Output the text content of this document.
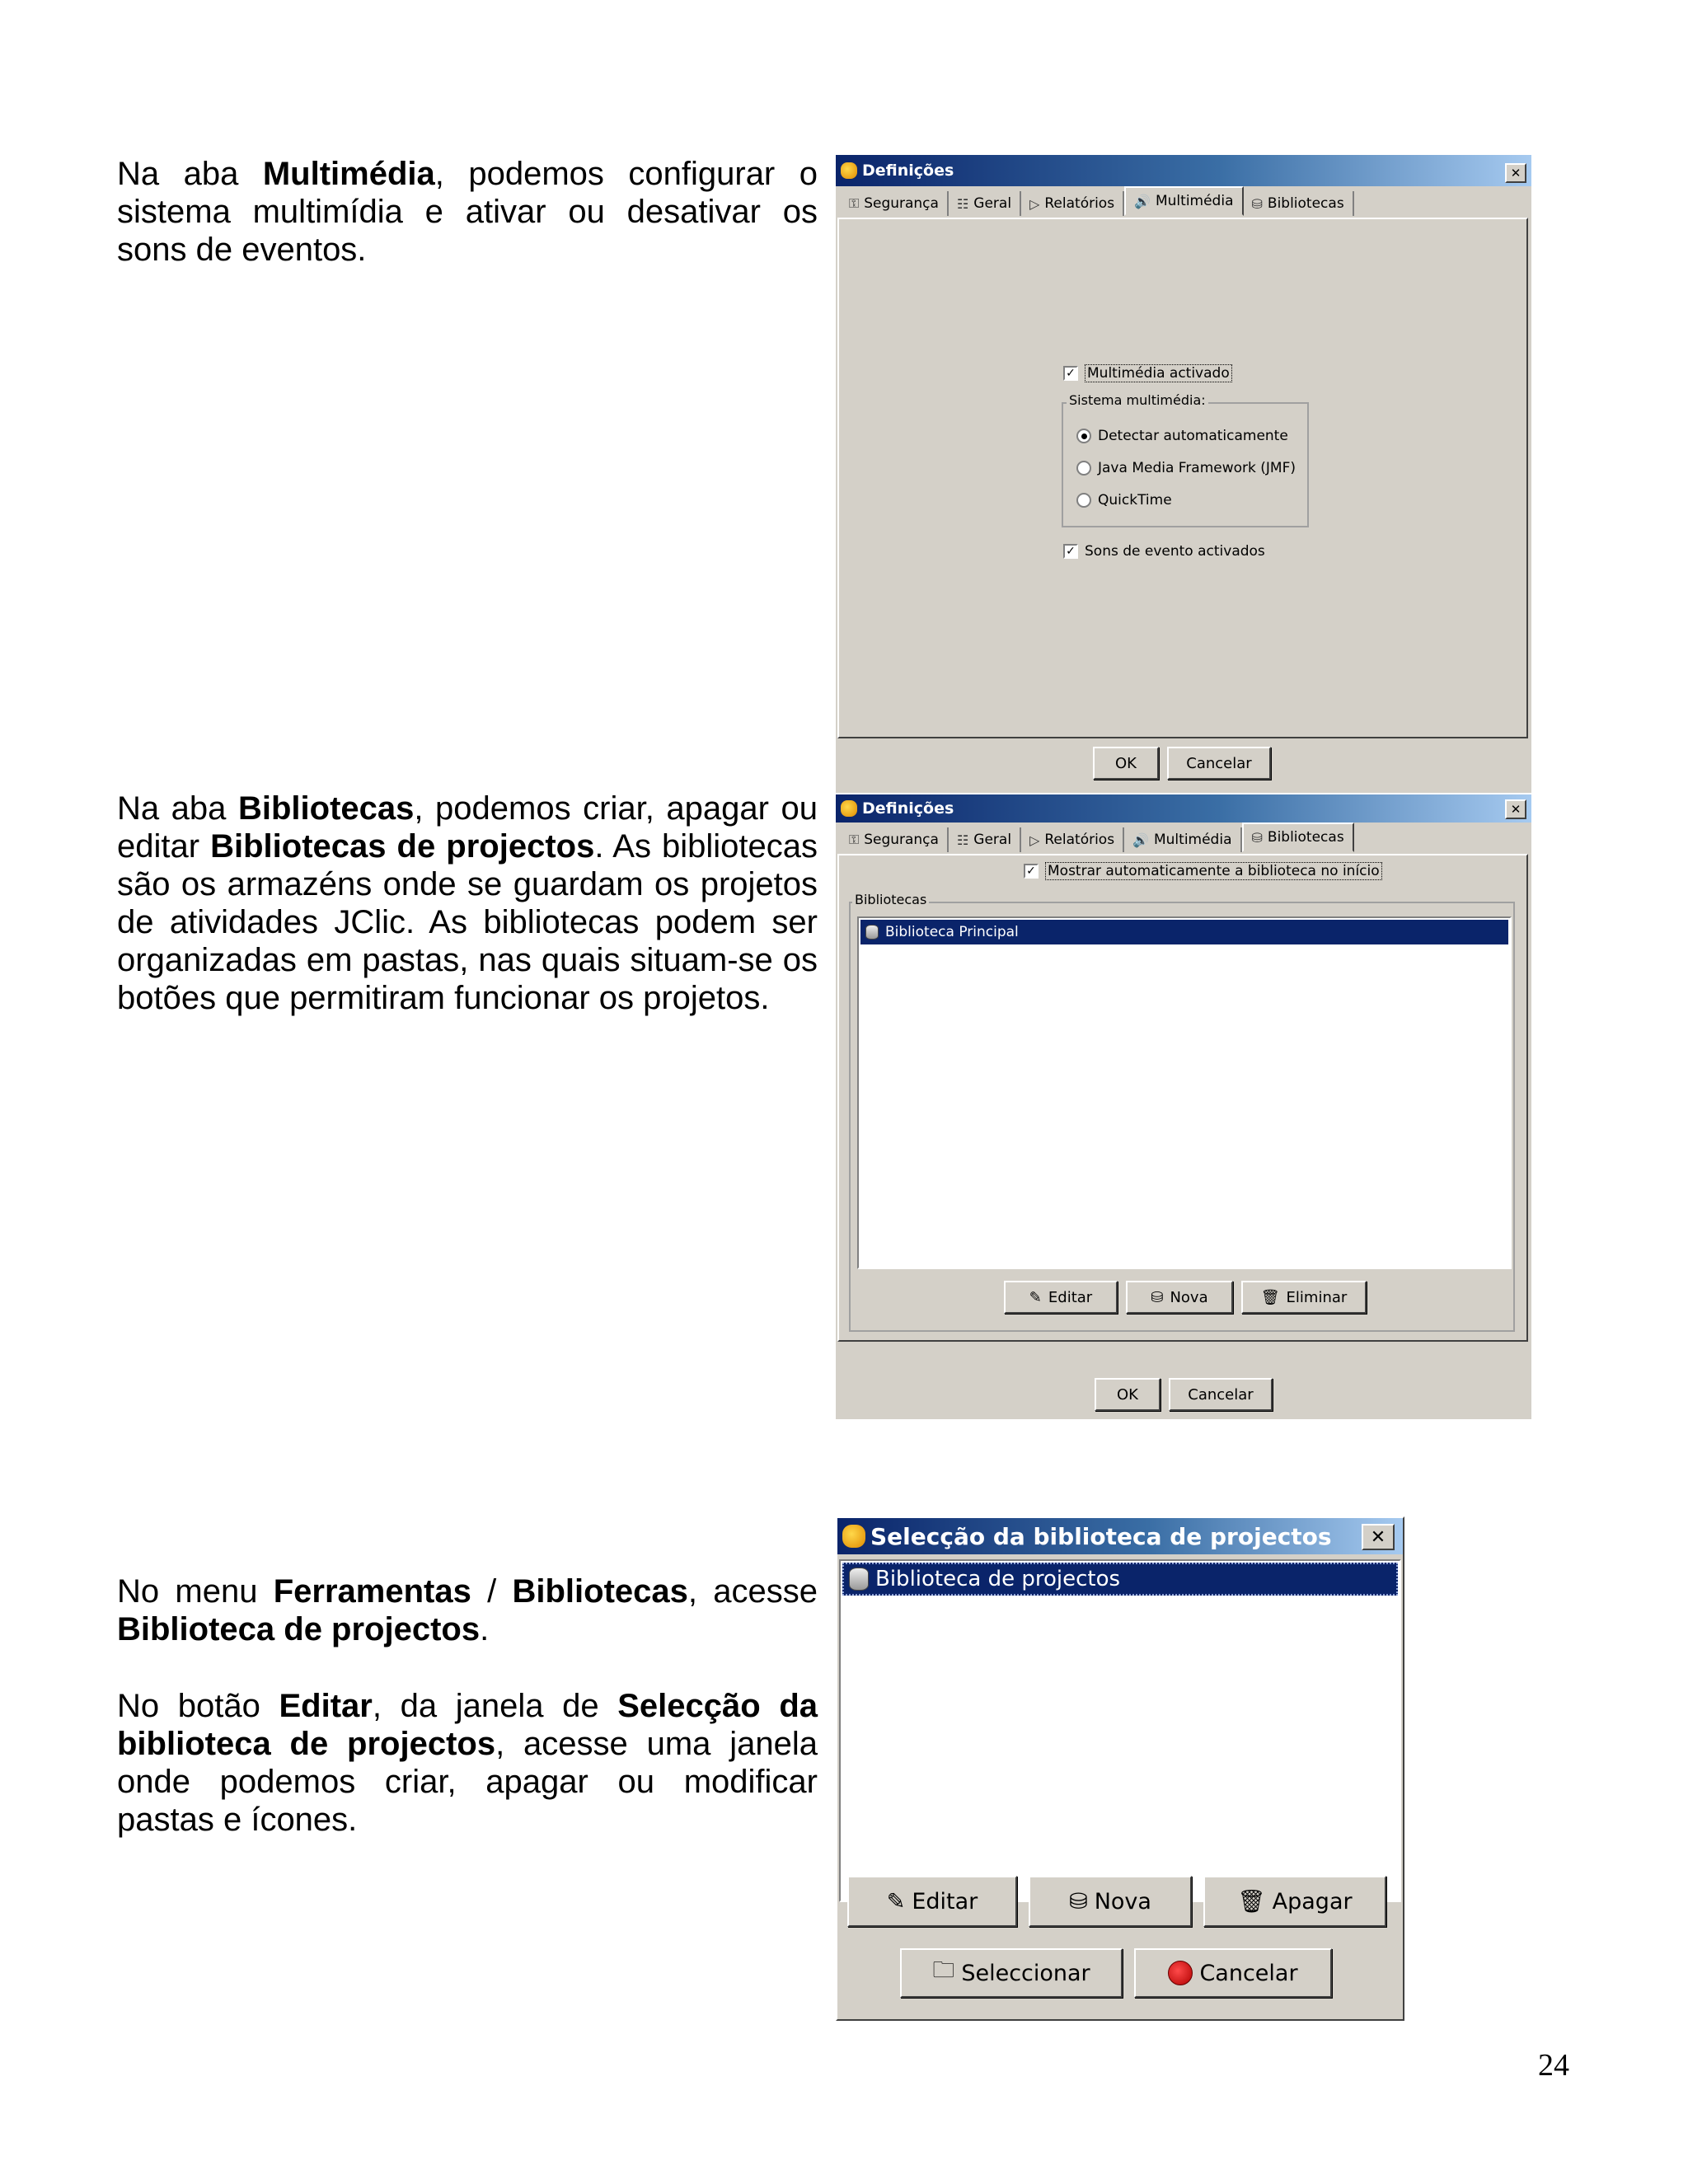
Na aba Multimédia, podemos configurar o sistema multimídia e ativar ou desativar os sons de eventos.
Na aba Bibliotecas, podemos criar, apagar ou editar Bibliotecas de projectos. As bibliotecas são os armazéns onde se guardam os projetos de atividades JClic. As bibliotecas podem ser organizadas em pastas, nas quais situam-se os botões que permitiram funcionar os projetos.
No menu Ferramentas / Bibliotecas, acesse Biblioteca de projectos.
No botão Editar, da janela de Selecção da biblioteca de projectos, acesse uma janela onde podemos criar, apagar ou modificar pastas e ícones.
24
Definições	✕
⚿ Segurança ☷ Geral ▷ Relatórios 🔊 Multimédia ⛁ Bibliotecas
✓ Multimédia activado
Sistema multimédia:
Detectar automaticamente
Java Media Framework (JMF)
QuickTime
✓ Sons de evento activados
OK	Cancelar
Definições	✕
⚿ Segurança ☷ Geral ▷ Relatórios 🔊 Multimédia ⛁ Bibliotecas
✓ Mostrar automaticamente a biblioteca no início
Bibliotecas
Biblioteca Principal
✎ Editar	⛁ Nova	🗑 Eliminar
OK	Cancelar
Selecção da biblioteca de projectos	✕
Biblioteca de projectos
✎ Editar	⛁ Nova	🗑 Apagar
🗀 Seleccionar	Cancelar
